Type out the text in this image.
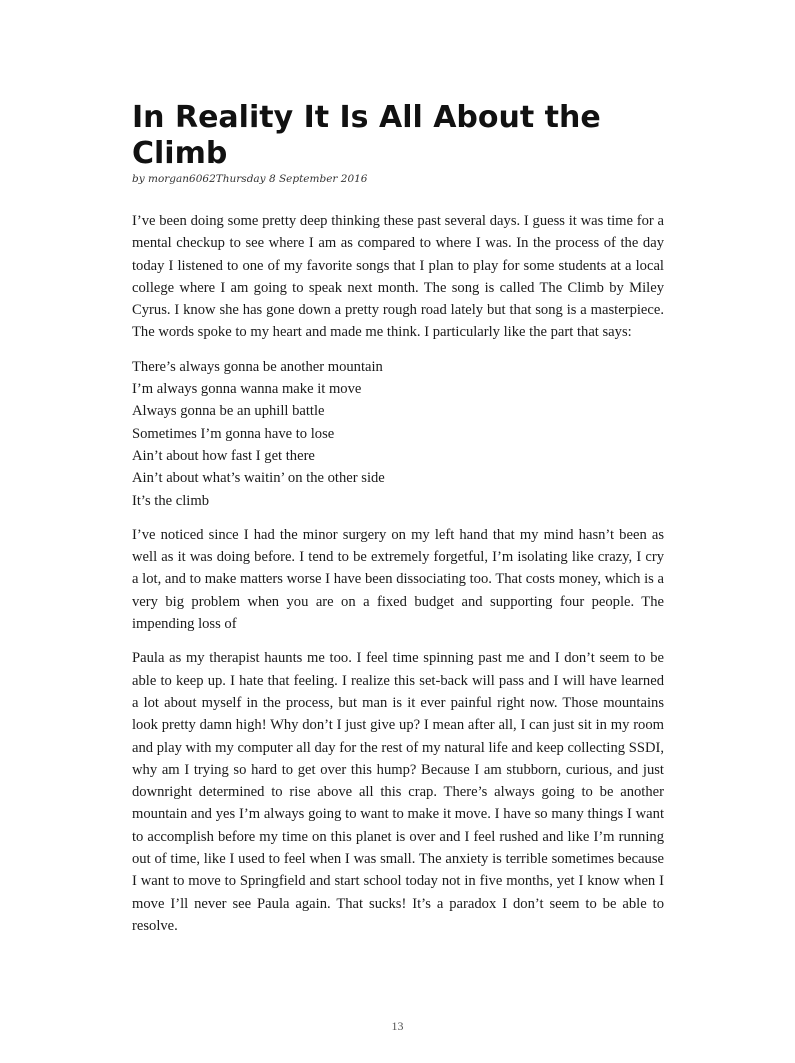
In Reality It Is All About the Climb

by morgan6062Thursday 8 September 2016

I’ve been doing some pretty deep thinking these past several days. I guess it was time for a mental checkup to see where I am as compared to where I was. In the process of the day today I listened to one of my favorite songs that I plan to play for some students at a local college where I am going to speak next month. The song is called The Climb by Miley Cyrus. I know she has gone down a pretty rough road lately but that song is a masterpiece. The words spoke to my heart and made me think. I particularly like the part that says:

There’s always gonna be another mountain
I’m always gonna wanna make it move
Always gonna be an uphill battle
Sometimes I’m gonna have to lose
Ain’t about how fast I get there
Ain’t about what’s waitin’ on the other side
It’s the climb

I’ve noticed since I had the minor surgery on my left hand that my mind hasn’t been as well as it was doing before. I tend to be extremely forgetful, I’m isolating like crazy, I cry a lot, and to make matters worse I have been dissociating too. That costs money, which is a very big problem when you are on a fixed budget and supporting four people. The impending loss of

Paula as my therapist haunts me too. I feel time spinning past me and I don’t seem to be able to keep up. I hate that feeling. I realize this set-back will pass and I will have learned a lot about myself in the process, but man is it ever painful right now. Those mountains look pretty damn high! Why don’t I just give up? I mean after all, I can just sit in my room and play with my computer all day for the rest of my natural life and keep collecting SSDI, why am I trying so hard to get over this hump? Because I am stubborn, curious, and just downright determined to rise above all this crap. There’s always going to be another mountain and yes I’m always going to want to make it move. I have so many things I want to accomplish before my time on this planet is over and I feel rushed and like I’m running out of time, like I used to feel when I was small. The anxiety is terrible sometimes because I want to move to Springfield and start school today not in five months, yet I know when I move I’ll never see Paula again. That sucks! It’s a paradox I don’t seem to be able to resolve.

13
